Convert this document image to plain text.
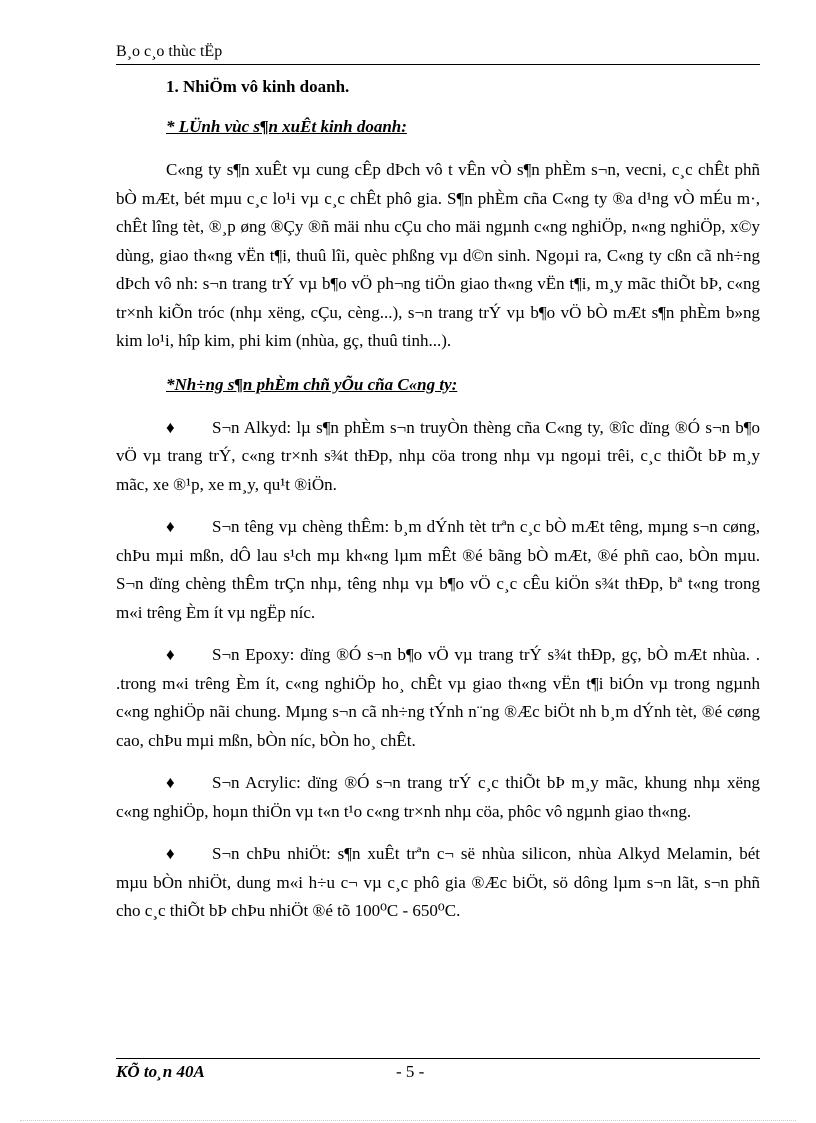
B¸o c¸o thùc tËp

1. NhiÖm vô kinh doanh.

* LÜnh vùc s¶n xuÊt kinh doanh:

C«ng ty s¶n xuÊt vµ cung cÊp dÞch vô t vÊn vÒ s¶n phÈm s¬n, vecni, c¸c chÊt phñ bÒ mÆt, bét mµu c¸c lo¹i vµ c¸c chÊt phô gia. S¶n phÈm cña C«ng ty ®a d¹ng vÒ mÉu m·, chÊt lîng tèt, ®¸p øng ®Çy ®ñ mäi nhu cÇu cho mäi ngµnh c«ng nghiÖp, n«ng nghiÖp, x©y dùng, giao th«ng vËn t¶i, thuû lîi, quèc phßng vµ d©n sinh. Ngoµi ra, C«ng ty cßn cã nh÷ng dÞch vô nh: s¬n trang trÝ vµ b¶o vÖ ph¬ng tiÖn giao th«ng vËn t¶i, m¸y mãc thiÕt bÞ, c«ng tr×nh kiÕn tróc (nhµ xëng, cÇu, cèng...), s¬n trang trÝ vµ b¶o vÖ bÒ mÆt s¶n phÈm b»ng kim lo¹i, hîp kim, phi kim (nhùa, gç, thuû tinh...).

*Nh÷ng s¶n phÈm chñ yÕu cña C«ng ty:

♦ S¬n Alkyd: lµ s¶n phÈm s¬n truyÒn thèng cña C«ng ty, ®îc dïng ®Ó s¬n b¶o vÖ vµ trang trÝ, c«ng tr×nh s¾t thÐp, nhµ cöa trong nhµ vµ ngoµi trêi, c¸c thiÕt bÞ m¸y mãc, xe ®¹p, xe m¸y, qu¹t ®iÖn.

♦ S¬n têng vµ chèng thÊm: b¸m dÝnh tèt trªn c¸c bÒ mÆt têng, mµng s¬n cøng, chÞu mµi mßn, dÔ lau s¹ch mµ kh«ng lµm mÊt ®é bãng bÒ mÆt, ®é phñ cao, bÒn mµu. S¬n dïng chèng thÊm trÇn nhµ, têng nhµ vµ b¶o vÖ c¸c cÊu kiÖn s¾t thÐp, bª t«ng trong m«i trêng Èm ít vµ ngËp níc.

♦ S¬n Epoxy: dïng ®Ó s¬n b¶o vÖ vµ trang trÝ s¾t thÐp, gç, bÒ mÆt nhùa. . .trong m«i trêng Èm ít, c«ng nghiÖp ho¸ chÊt vµ giao th«ng vËn t¶i biÓn vµ trong ngµnh c«ng nghiÖp nãi chung. Mµng s¬n cã nh÷ng tÝnh n¨ng ®Æc biÖt nh b¸m dÝnh tèt, ®é cøng cao, chÞu mµi mßn, bÒn níc, bÒn ho¸ chÊt.

♦ S¬n Acrylic: dïng ®Ó s¬n trang trÝ c¸c thiÕt bÞ m¸y mãc, khung nhµ xëng c«ng nghiÖp, hoµn thiÖn vµ t«n t¹o c«ng tr×nh nhµ cöa, phôc vô ngµnh giao th«ng.

♦ S¬n chÞu nhiÖt: s¶n xuÊt trªn c¬ së nhùa silicon, nhùa Alkyd Melamin, bét mµu bÒn nhiÖt, dung m«i h÷u c¬ vµ c¸c phô gia ®Æc biÖt, sö dông lµm s¬n lãt, s¬n phñ cho c¸c thiÕt bÞ chÞu nhiÖt ®é tõ 100⁰C - 650⁰C.

KÕ to¸n 40A	- 5 -
